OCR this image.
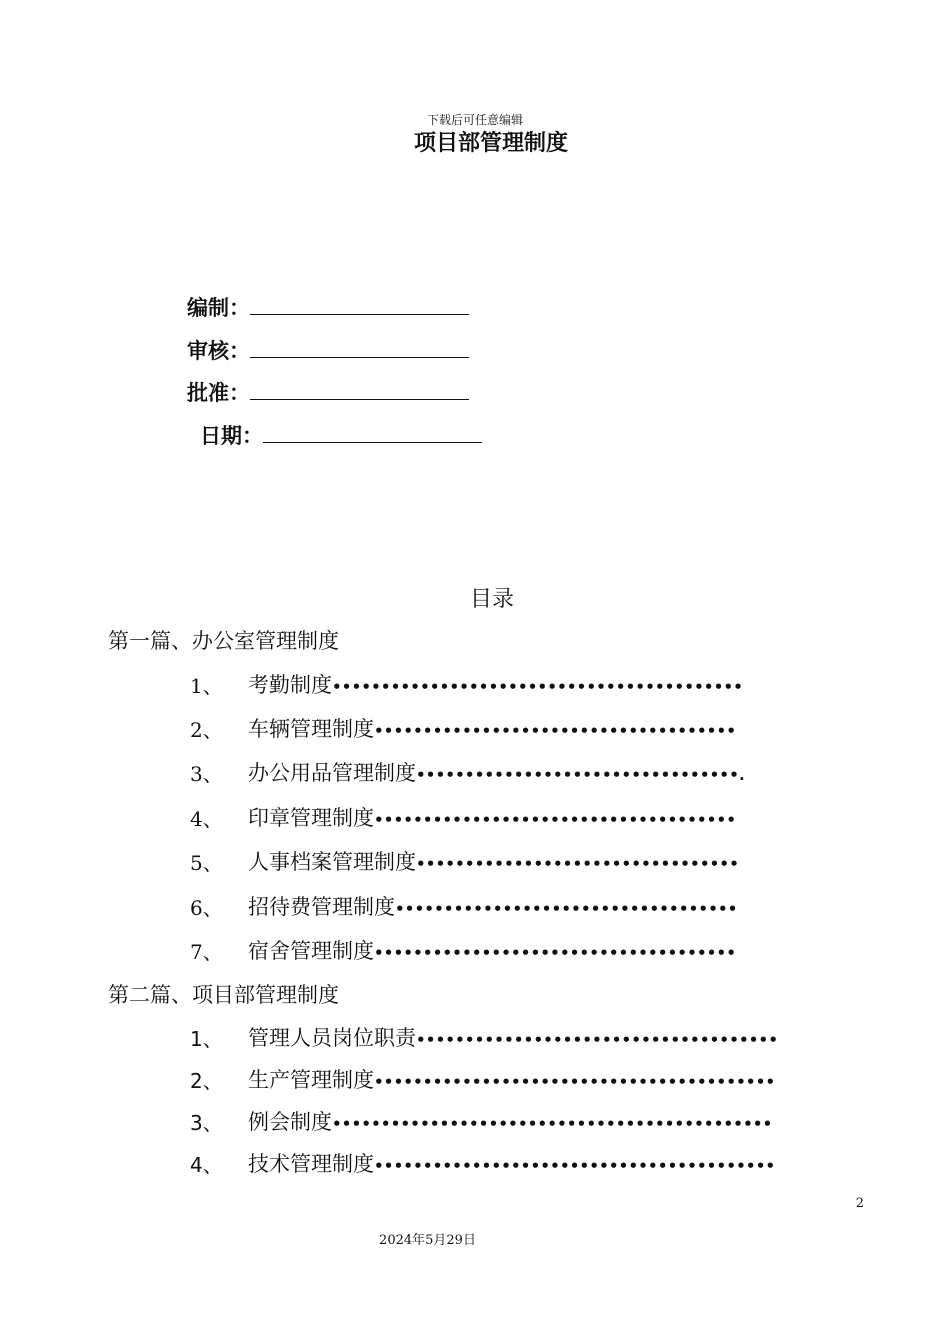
下载后可任意编辑
项目部管理制度
编制：
审核：
批准：
日期：
目录
第一篇、办公室管理制度
1、 考勤制度••••••••••••••••••••••••••••••••••••••••••
2、 车辆管理制度•••••••••••••••••••••••••••••••••••••
3、 办公用品管理制度•••••••••••••••••••••••••••••••••.
4、 印章管理制度•••••••••••••••••••••••••••••••••••••
5、 人事档案管理制度•••••••••••••••••••••••••••••••••
6、 招待费管理制度•••••••••••••••••••••••••••••••••••
7、 宿舍管理制度•••••••••••••••••••••••••••••••••••••
第二篇、项目部管理制度
1、 管理人员岗位职责•••••••••••••••••••••••••••••••••••••
2、 生产管理制度•••••••••••••••••••••••••••••••••••••••••
3、 例会制度•••••••••••••••••••••••••••••••••••••••••••••
4、 技术管理制度•••••••••••••••••••••••••••••••••••••••••
2
2024年5月29日
